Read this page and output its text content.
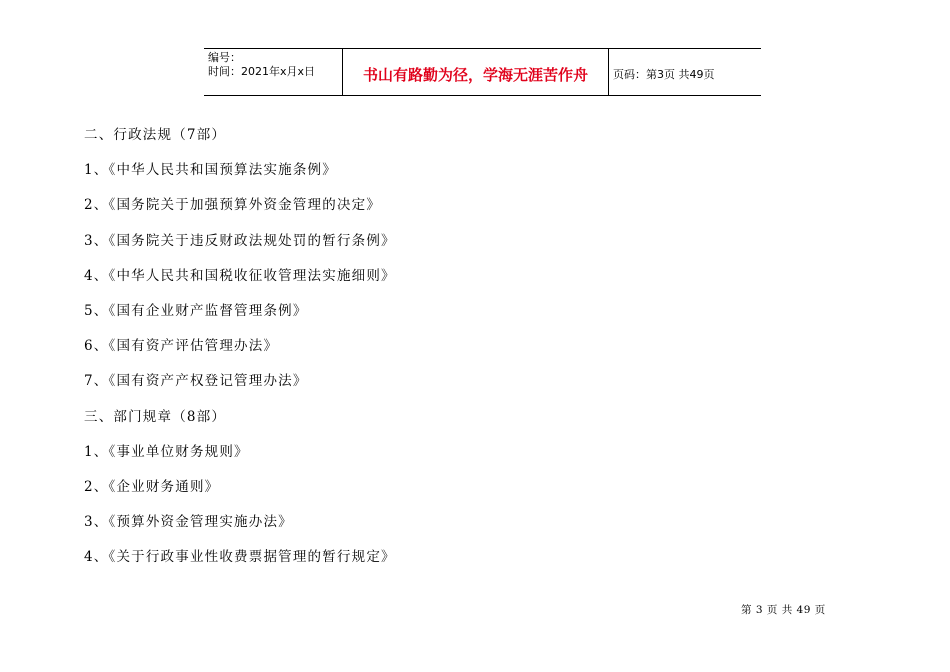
编号：
时间：2021年x月x日	书山有路勤为径，学海无涯苦作舟	页码：第3页 共49页
二、行政法规（7部）
1、《中华人民共和国预算法实施条例》
2、《国务院关于加强预算外资金管理的决定》
3、《国务院关于违反财政法规处罚的暂行条例》
4、《中华人民共和国税收征收管理法实施细则》
5、《国有企业财产监督管理条例》
6、《国有资产评估管理办法》
7、《国有资产产权登记管理办法》
三、部门规章（8部）
1、《事业单位财务规则》
2、《企业财务通则》
3、《预算外资金管理实施办法》
4、《关于行政事业性收费票据管理的暂行规定》
第 3 页 共 49 页
